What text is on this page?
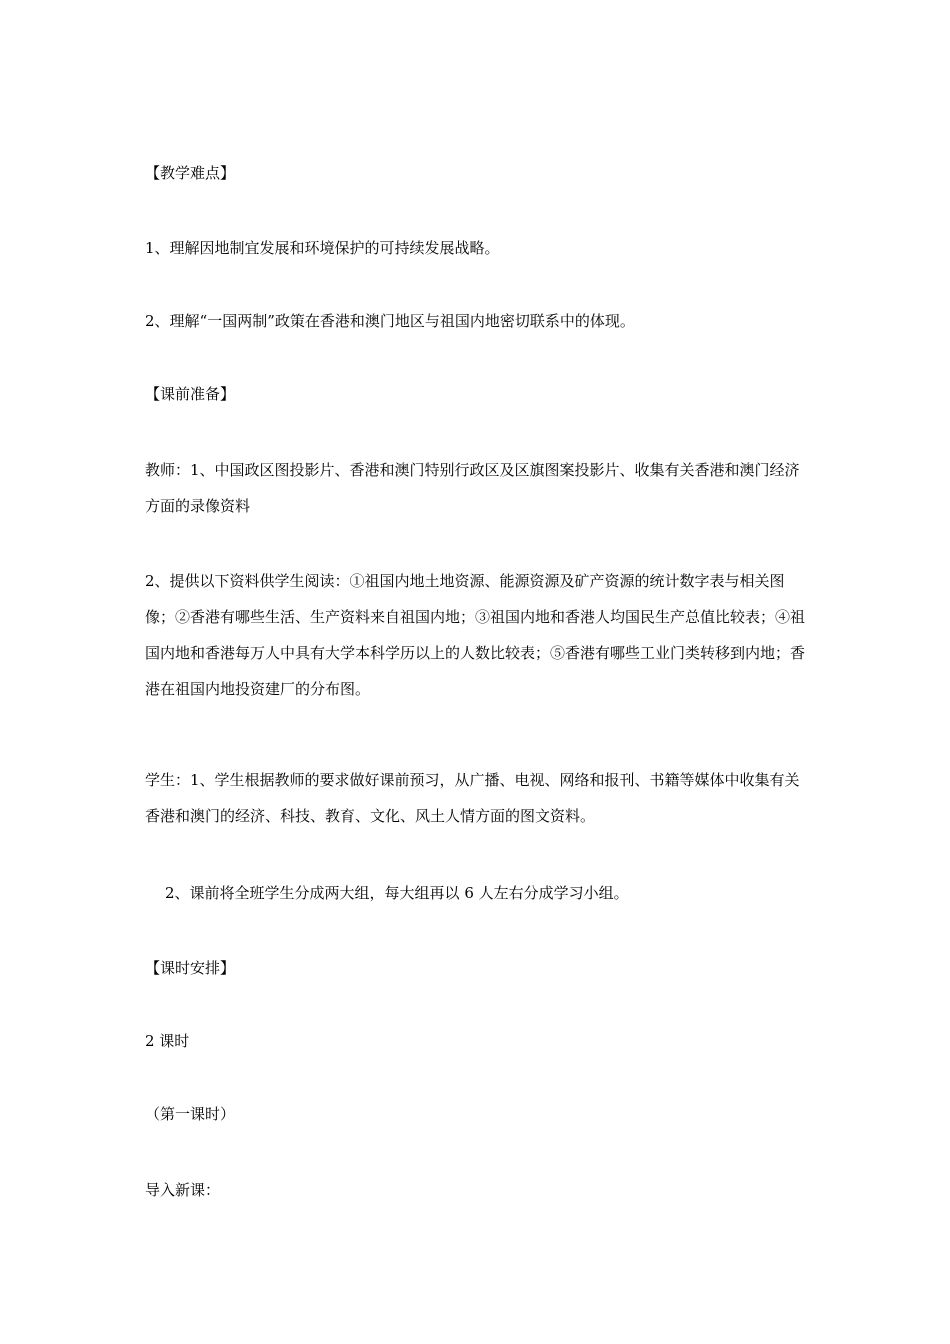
【教学难点】

1、理解因地制宜发展和环境保护的可持续发展战略。

2、理解“一国两制”政策在香港和澳门地区与祖国内地密切联系中的体现。

【课前准备】

教师：1、中国政区图投影片、香港和澳门特别行政区及区旗图案投影片、收集有关香港和澳门经济方面的录像资料

2、提供以下资料供学生阅读：①祖国内地土地资源、能源资源及矿产资源的统计数字表与相关图像；②香港有哪些生活、生产资料来自祖国内地；③祖国内地和香港人均国民生产总值比较表；④祖国内地和香港每万人中具有大学本科学历以上的人数比较表；⑤香港有哪些工业门类转移到内地；香港在祖国内地投资建厂的分布图。

学生：1、学生根据教师的要求做好课前预习，从广播、电视、网络和报刊、书籍等媒体中收集有关香港和澳门的经济、科技、教育、文化、风土人情方面的图文资料。

2、课前将全班学生分成两大组，每大组再以 6 人左右分成学习小组。

【课时安排】

2 课时

（第一课时）

导入新课：
